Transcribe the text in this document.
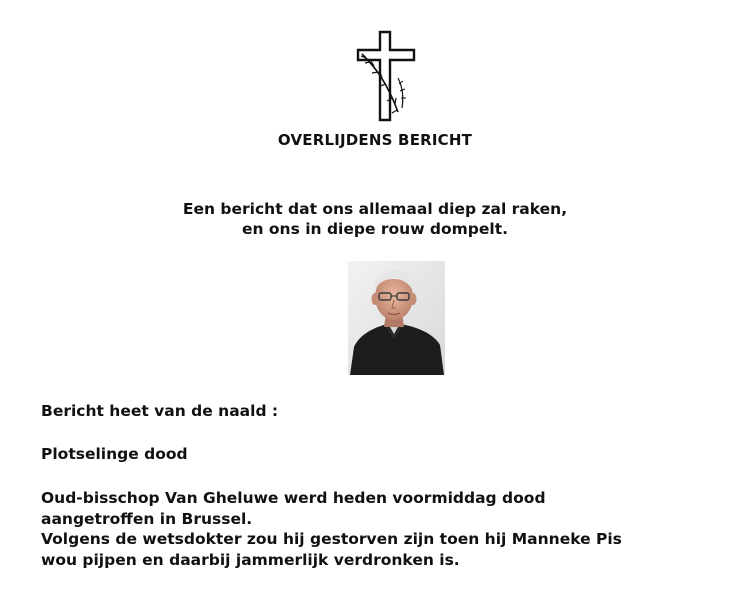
OVERLIJDENS BERICHT
Een bericht dat ons allemaal diep zal raken,
en ons in diepe rouw dompelt.
Bericht heet van de naald :
Plotselinge dood
Oud-bisschop Van Gheluwe werd heden voormiddag dood
aangetroffen in Brussel.
Volgens de wetsdokter zou hij gestorven zijn toen hij Manneke Pis
wou pijpen en daarbij jammerlijk verdronken is.
